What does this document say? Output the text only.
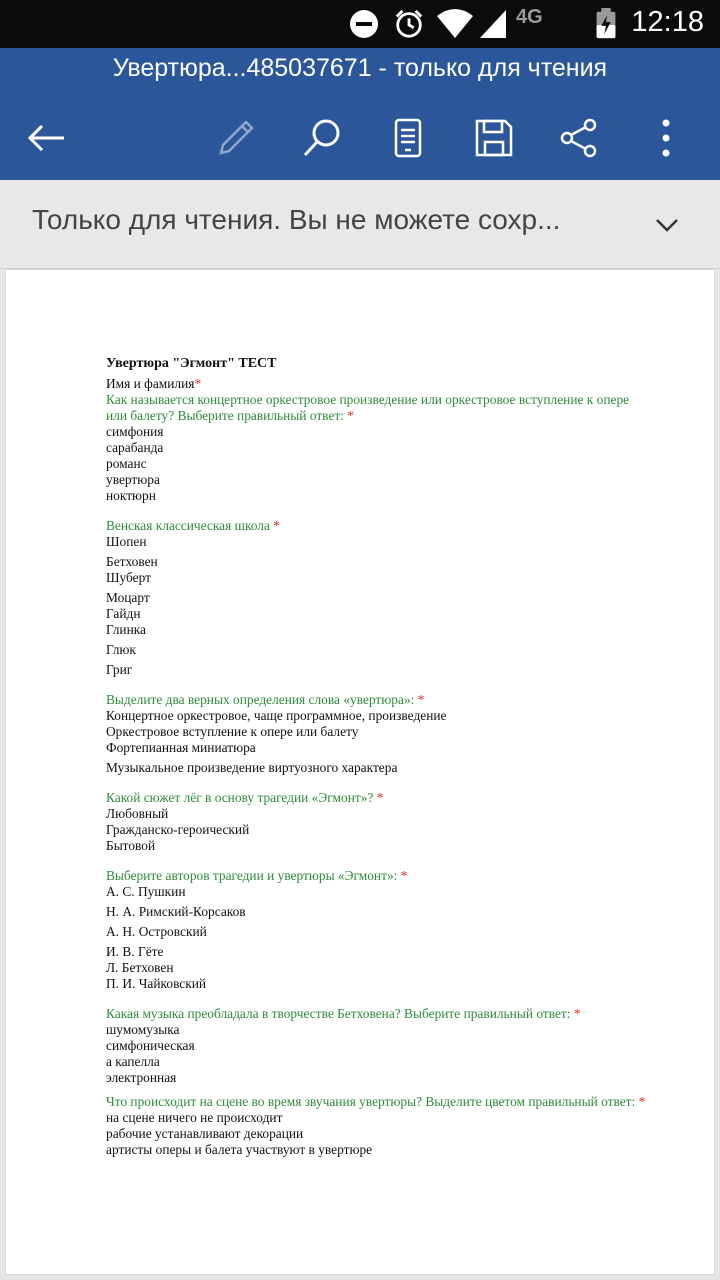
4G	12:18
Увертюра...485037671 - только для чтения
Только для чтения. Вы не можете сохр...
Увертюра "Эгмонт" ТЕСТ
Имя и фамилия*
Как называется концертное оркестровое произведение или оркестровое вступление к опере или балету? Выберите правильный ответ: *
симфония
сарабанда
романс
увертюра
ноктюрн
Венская классическая школа *
Шопен
Бетховен
Шуберт
Моцарт
Гайдн
Глинка
Глюк
Григ
Выделите два верных определения слова «увертюра»: *
Концертное оркестровое, чаще программное, произведение
Оркестровое вступление к опере или балету
Фортепианная миниатюра
Музыкальное произведение виртуозного характера
Какой сюжет лёг в основу трагедии «Эгмонт»? *
Любовный
Гражданско-героический
Бытовой
Выберите авторов трагедии и увертюры «Эгмонт»: *
А. С. Пушкин
Н. А. Римский-Корсаков
А. Н. Островский
И. В. Гёте
Л. Бетховен
П. И. Чайковский
Какая музыка преобладала в творчестве Бетховена? Выберите правильный ответ: *
шумомузыка
симфоническая
а капелла
электронная
Что происходит на сцене во время звучания увертюры? Выделите цветом правильный ответ: *
на сцене ничего не происходит
рабочие устанавливают декорации
артисты оперы и балета участвуют в увертюре
